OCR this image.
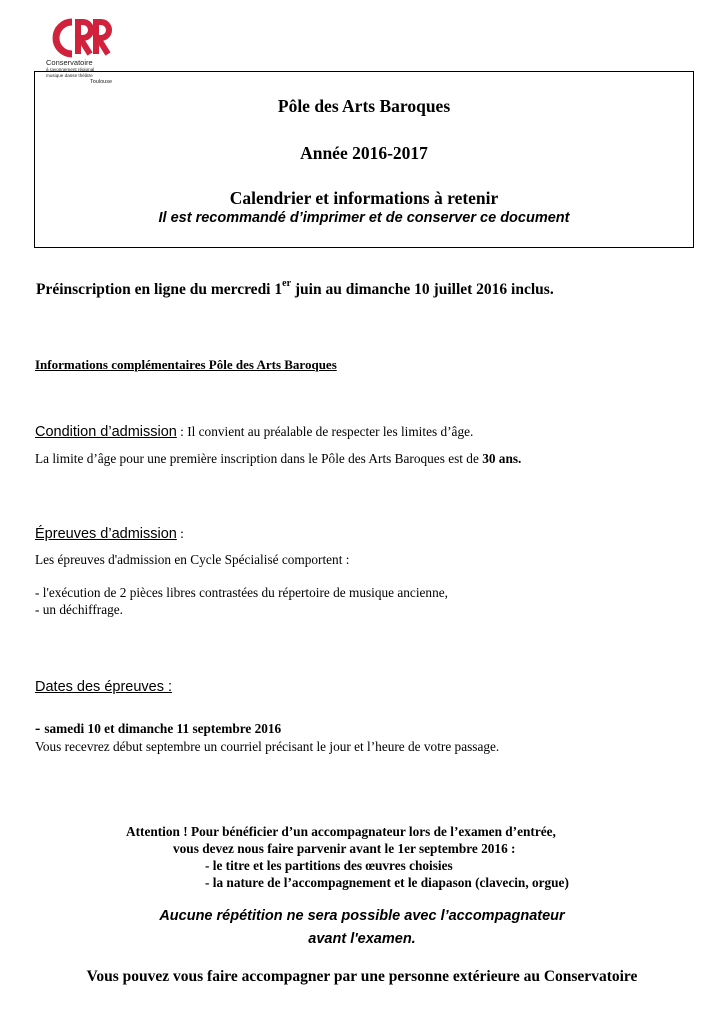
Conservatoire
à rayonnement régional
musique danse théâtre
Toulouse
Pôle des Arts Baroques
Année 2016-2017
Calendrier et informations à retenir
Il est recommandé d’imprimer et de conserver ce document
Préinscription en ligne du mercredi 1er juin au dimanche 10 juillet 2016 inclus.
Informations complémentaires Pôle des Arts Baroques
Condition d’admission : Il convient au préalable de respecter les limites d’âge.
La limite d’âge pour une première inscription dans le Pôle des Arts Baroques est de 30 ans.
Épreuves d’admission :
Les épreuves d'admission en Cycle Spécialisé comportent :
- l'exécution de 2 pièces libres contrastées du répertoire de musique ancienne,
- un déchiffrage.
Dates des épreuves :
- samedi 10 et dimanche 11 septembre 2016
Vous recevrez début septembre un courriel précisant le jour et l’heure de votre passage.
Attention ! Pour bénéficier d’un accompagnateur lors de l’examen d’entrée,
vous devez nous faire parvenir avant le 1er septembre 2016 :
- le titre et les partitions des œuvres choisies
- la nature de l’accompagnement et le diapason (clavecin, orgue)
Aucune répétition ne sera possible avec l’accompagnateur
avant l'examen.
Vous pouvez vous faire accompagner par une personne extérieure au Conservatoire
